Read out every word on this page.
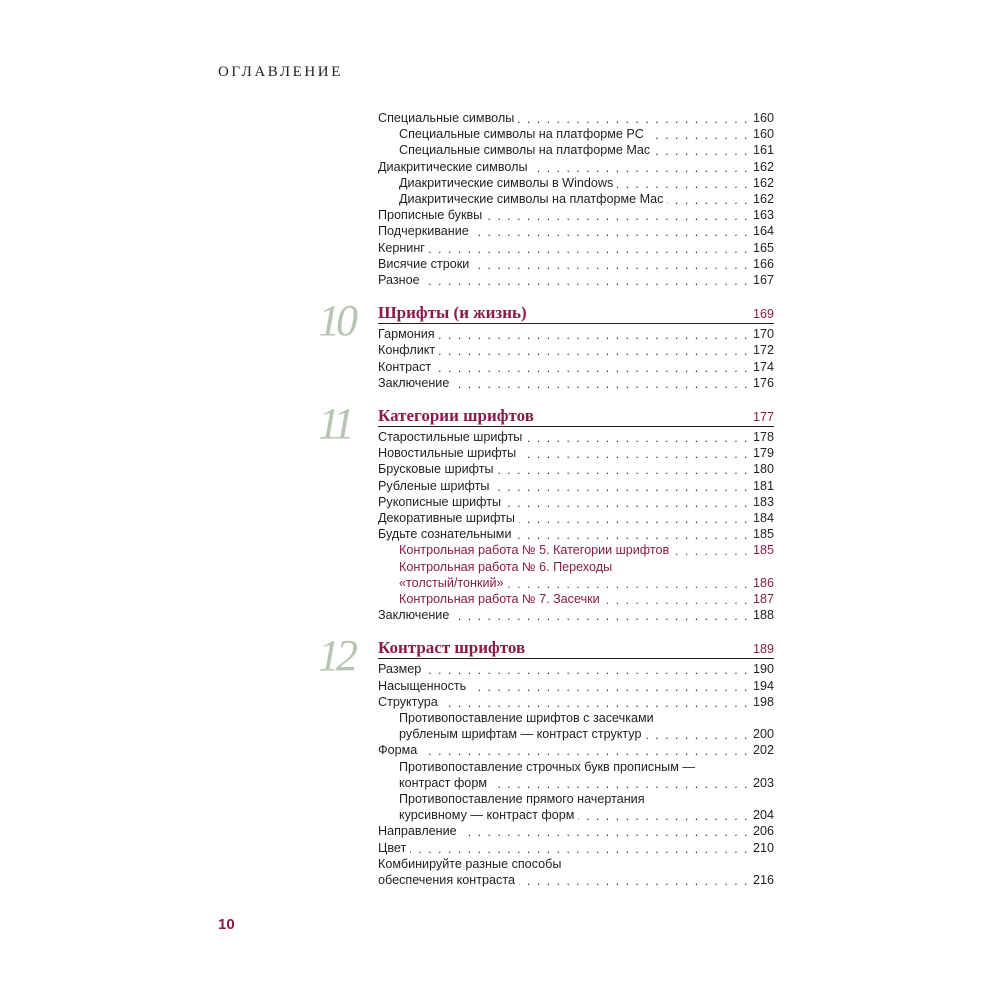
ОГЛАВЛЕНИЕ
Специальные символы . . .	160
Специальные символы на платформе PC . . .	160
Специальные символы на платформе Mac . . .	161
Диакритические символы . . .	162
Диакритические символы в Windows . . .	162
Диакритические символы на платформе Mac . . .	162
Прописные буквы . . .	163
Подчеркивание . . .	164
Кернинг . . .	165
Висячие строки . . .	166
Разное . . .	167
Шрифты (и жизнь)	169
Гармония . . .	170
Конфликт . . .	172
Контраст . . .	174
Заключение . . .	176
Категории шрифтов	177
Старостильные шрифты . . .	178
Новостильные шрифты . . .	179
Брусковые шрифты . . .	180
Рубленые шрифты . . .	181
Рукописные шрифты . . .	183
Декоративные шрифты . . .	184
Будьте сознательными . . .	185
Контрольная работа № 5. Категории шрифтов . . .	185
Контрольная работа № 6. Переходы
«толстый/тонкий» . . .	186
Контрольная работа № 7. Засечки . . .	187
Заключение . . .	188
Контраст шрифтов	189
Размер . . .	190
Насыщенность . . .	194
Структура . . .	198
Противопоставление шрифтов с засечками
рубленым шрифтам — контраст структур . . .	200
Форма . . .	202
Противопоставление строчных букв прописным —
контраст форм . . .	203
Противопоставление прямого начертания
курсивному — контраст форм . . .	204
Направление . . .	206
Цвет . . .	210
Комбинируйте разные способы
обеспечения контраста . . .	216
10
10
11
12
